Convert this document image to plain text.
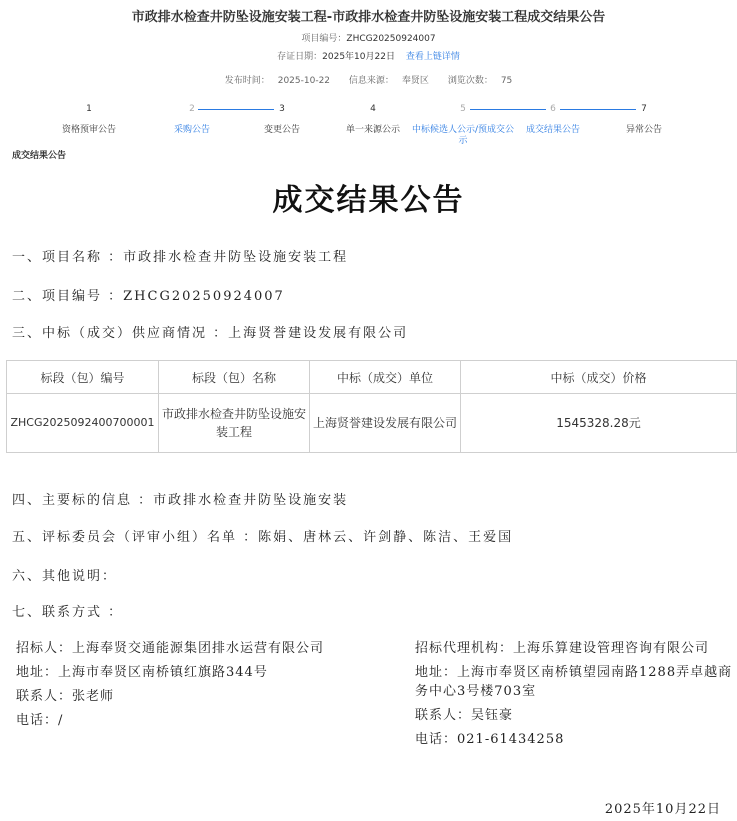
市政排水检查井防坠设施安装工程-市政排水检查井防坠设施安装工程成交结果公告
项目编号：ZHCG20250924007
存证日期：2025年10月22日 查看上链详情
发布时间： 2025-10-22 信息来源： 奉贤区 浏览次数： 75
1
资格预审公告
2
采购公告
3
变更公告
4
单一来源公示
5
中标候选人公示/预成交公示
6
成交结果公告
7
异常公告
成交结果公告
成交结果公告
一、项目名称 ：市政排水检查井防坠设施安装工程
二、项目编号 ：ZHCG20250924007
三、中标（成交）供应商情况 ：上海贤誉建设发展有限公司
标段（包）编号	标段（包）名称	中标（成交）单位	中标（成交）价格
ZHCG2025092400700001	市政排水检查井防坠设施安装工程	上海贤誉建设发展有限公司	1545328.28元
四、主要标的信息 ：市政排水检查井防坠设施安装
五、评标委员会（评审小组）名单 ：陈娟、唐林云、许剑静、陈洁、王爱国
六、其他说明：
七、联系方式 ：
招标人：上海奉贤交通能源集团排水运营有限公司
地址：上海市奉贤区南桥镇红旗路344号
联系人：张老师
电话：/
招标代理机构：上海乐算建设管理咨询有限公司
地址：上海市奉贤区南桥镇望园南路1288弄卓越商务中心3号楼703室
联系人：吴钰豪
电话：021-61434258
2025年10月22日
